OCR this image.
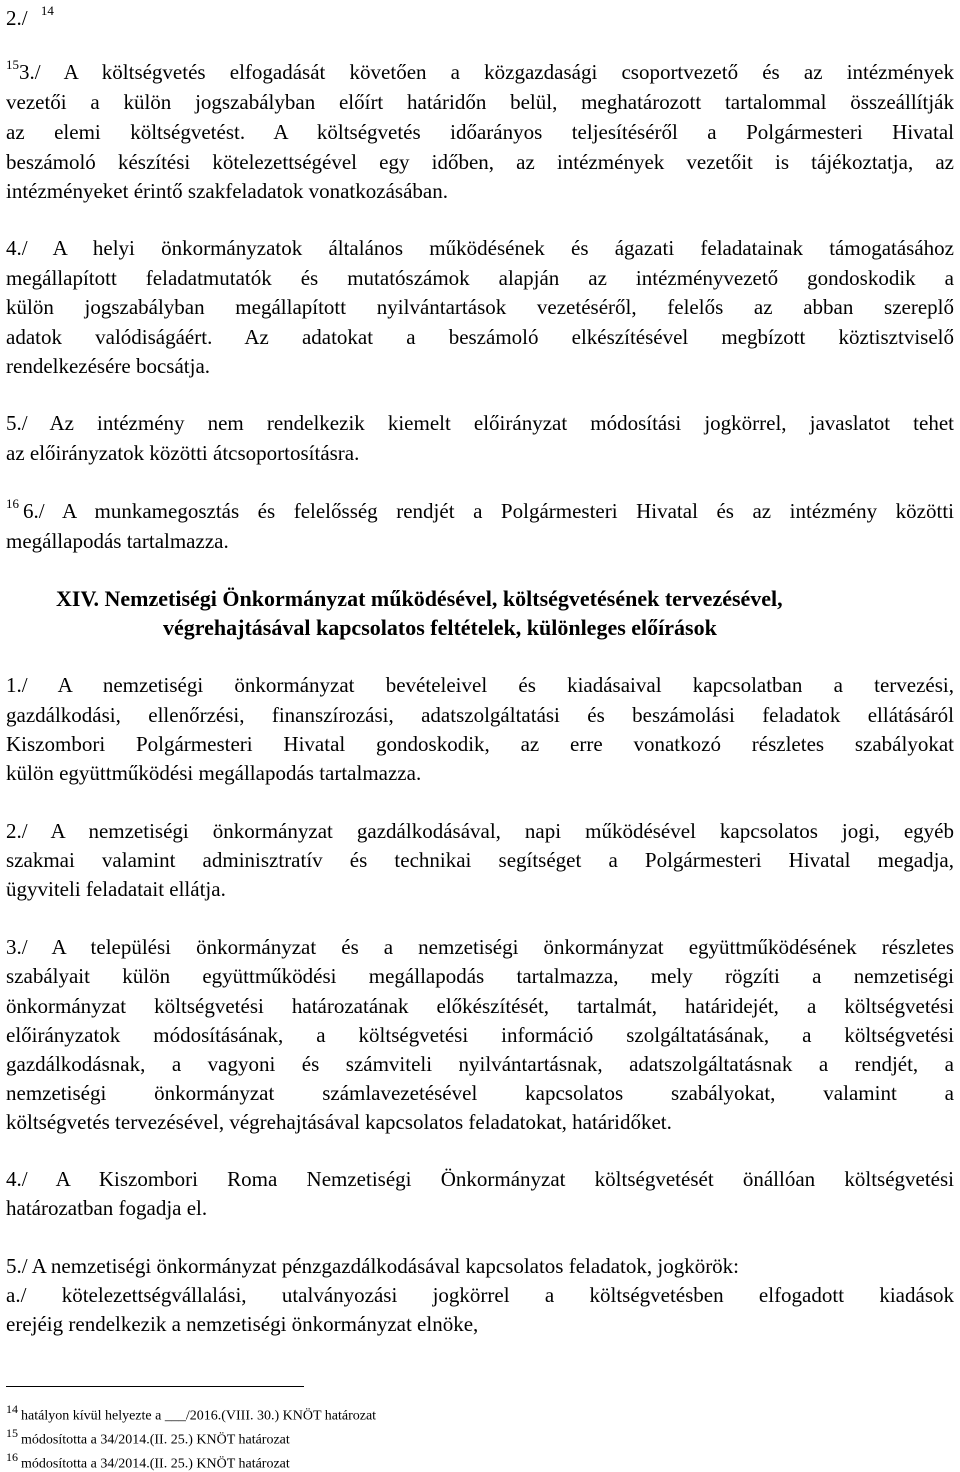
2./ $^{14}$
$^{15}$3./ A költségvetés elfogadását követően a közgazdasági csoportvezető és az intézmények
vezetői a külön jogszabályban előírt határidőn belül, meghatározott tartalommal összeállítják
az elemi költségvetést. A költségvetés időarányos teljesítéséről a Polgármesteri Hivatal
beszámoló készítési kötelezettségével egy időben, az intézmények vezetőit is tájékoztatja, az
intézményeket érintő szakfeladatok vonatkozásában.
4./ A helyi önkormányzatok általános működésének és ágazati feladatainak támogatásához
megállapított feladatmutatók és mutatószámok alapján az intézményvezető gondoskodik a
külön jogszabályban megállapított nyilvántartások vezetéséről, felelős az abban szereplő
adatok valódiságáért. Az adatokat a beszámoló elkészítésével megbízott köztisztviselő
rendelkezésére bocsátja.
5./ Az intézmény nem rendelkezik kiemelt előirányzat módosítási jogkörrel, javaslatot tehet
az előirányzatok közötti átcsoportosításra.
$^{16}$ 6./ A munkamegosztás és felelősség rendjét a Polgármesteri Hivatal és az intézmény közötti
megállapodás tartalmazza.
XIV. Nemzetiségi Önkormányzat működésével, költségvetésének tervezésével,
végrehajtásával kapcsolatos feltételek, különleges előírások
1./ A nemzetiségi önkormányzat bevételeivel és kiadásaival kapcsolatban a tervezési,
gazdálkodási, ellenőrzési, finanszírozási, adatszolgáltatási és beszámolási feladatok ellátásáról
Kiszombori Polgármesteri Hivatal gondoskodik, az erre vonatkozó részletes szabályokat
külön együttműködési megállapodás tartalmazza.
2./ A nemzetiségi önkormányzat gazdálkodásával, napi működésével kapcsolatos jogi, egyéb
szakmai valamint adminisztratív és technikai segítséget a Polgármesteri Hivatal megadja,
ügyviteli feladatait ellátja.
3./ A települési önkormányzat és a nemzetiségi önkormányzat együttműködésének részletes
szabályait külön együttműködési megállapodás tartalmazza, mely rögzíti a nemzetiségi
önkormányzat költségvetési határozatának előkészítését, tartalmát, határidejét, a költségvetési
előirányzatok módosításának, a költségvetési információ szolgáltatásának, a költségvetési
gazdálkodásnak, a vagyoni és számviteli nyilvántartásnak, adatszolgáltatásnak a rendjét, a
nemzetiségi önkormányzat számlavezetésével kapcsolatos szabályokat, valamint a
költségvetés tervezésével, végrehajtásával kapcsolatos feladatokat, határidőket.
4./ A Kiszombori Roma Nemzetiségi Önkormányzat költségvetését önállóan költségvetési
határozatban fogadja el.
5./ A nemzetiségi önkormányzat pénzgazdálkodásával kapcsolatos feladatok, jogkörök:
a./ kötelezettségvállalási, utalványozási jogkörrel a költségvetésben elfogadott kiadások
erejéig rendelkezik a nemzetiségi önkormányzat elnöke,
14 hatályon kívül helyezte a ___/2016.(VIII. 30.) KNÖT határozat
15 módosította a 34/2014.(II. 25.) KNÖT határozat
16 módosította a 34/2014.(II. 25.) KNÖT határozat
